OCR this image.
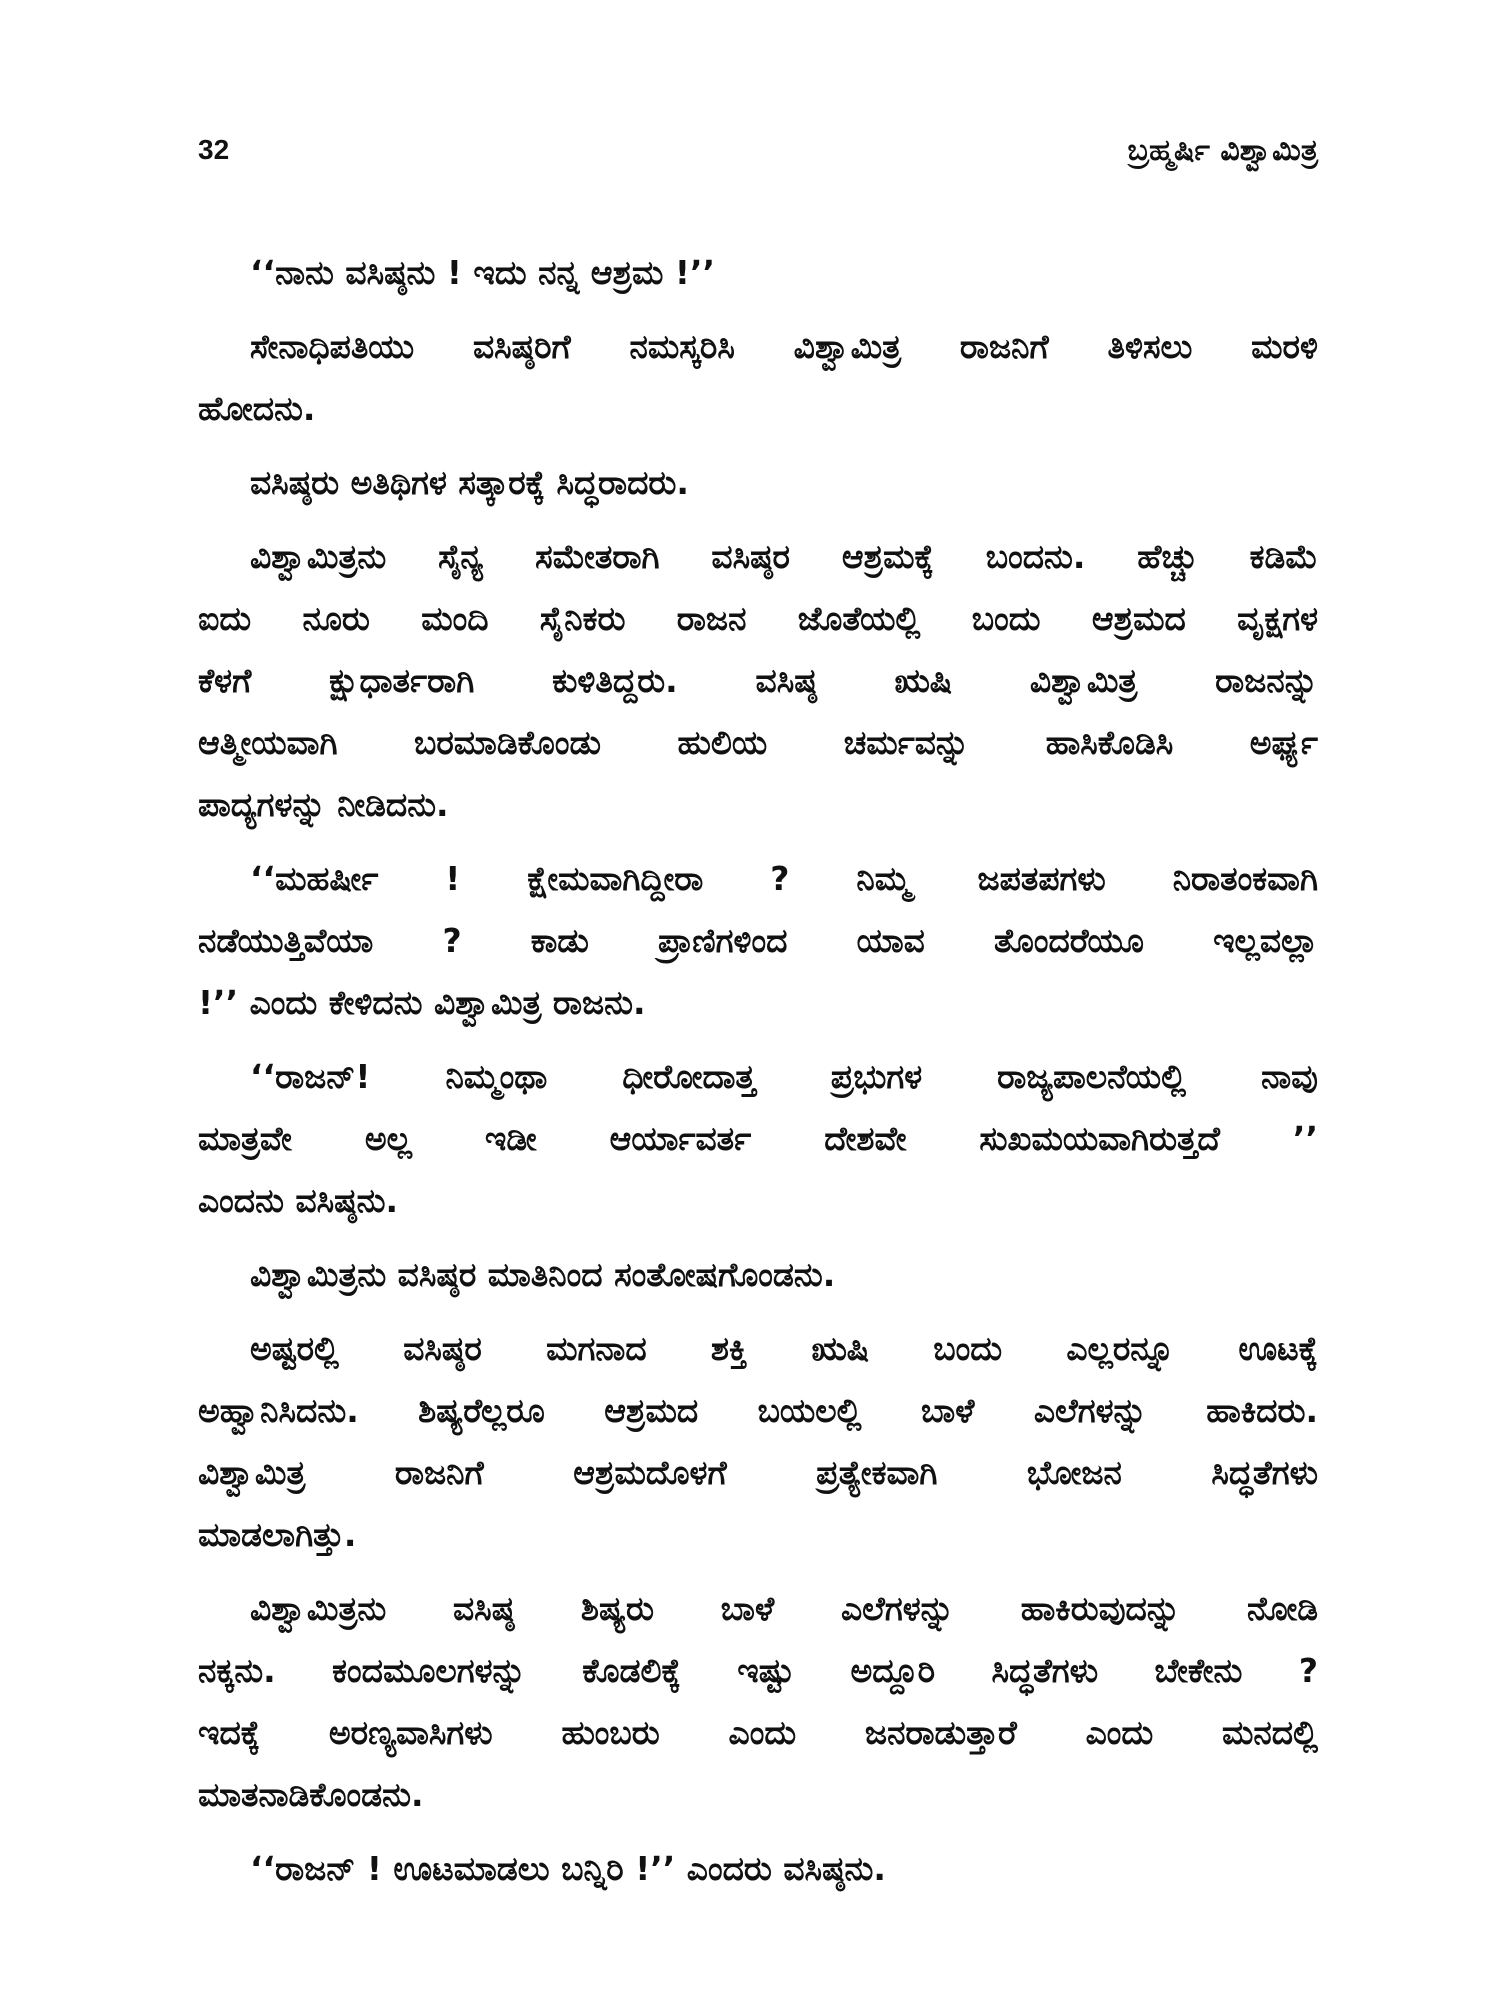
32	ಬ್ರಹ್ಮರ್ಷಿ ವಿಶ್ವಾಮಿತ್ರ
‘‘ನಾನು ವಸಿಷ್ಠನು ! ಇದು ನನ್ನ ಆಶ್ರಮ !’’
ಸೇನಾಧಿಪತಿಯು ವಸಿಷ್ಠರಿಗೆ ನಮಸ್ಕರಿಸಿ ವಿಶ್ವಾಮಿತ್ರ ರಾಜನಿಗೆ ತಿಳಿಸಲು ಮರಳಿ
ಹೋದನು.
ವಸಿಷ್ಠರು ಅತಿಥಿಗಳ ಸತ್ಕಾರಕ್ಕೆ ಸಿದ್ಧರಾದರು.
ವಿಶ್ವಾಮಿತ್ರನು ಸೈನ್ಯ ಸಮೇತರಾಗಿ ವಸಿಷ್ಠರ ಆಶ್ರಮಕ್ಕೆ ಬಂದನು. ಹೆಚ್ಚು ಕಡಿಮೆ
ಐದು ನೂರು ಮಂದಿ ಸೈನಿಕರು ರಾಜನ ಜೊತೆಯಲ್ಲಿ ಬಂದು ಆಶ್ರಮದ ವೃಕ್ಷಗಳ
ಕೆಳಗೆ ಕ್ಷುಧಾರ್ತರಾಗಿ ಕುಳಿತಿದ್ದರು. ವಸಿಷ್ಠ ಋಷಿ ವಿಶ್ವಾಮಿತ್ರ ರಾಜನನ್ನು
ಆತ್ಮೀಯವಾಗಿ ಬರಮಾಡಿಕೊಂಡು ಹುಲಿಯ ಚರ್ಮವನ್ನು ಹಾಸಿಕೊಡಿಸಿ ಅರ್ಘ್ಯ
ಪಾದ್ಯಗಳನ್ನು ನೀಡಿದನು.
‘‘ಮಹರ್ಷೀ ! ಕ್ಷೇಮವಾಗಿದ್ದೀರಾ ? ನಿಮ್ಮ ಜಪತಪಗಳು ನಿರಾತಂಕವಾಗಿ
ನಡೆಯುತ್ತಿವೆಯಾ ? ಕಾಡು ಪ್ರಾಣಿಗಳಿಂದ ಯಾವ ತೊಂದರೆಯೂ ಇಲ್ಲವಲ್ಲಾ
!’’ ಎಂದು ಕೇಳಿದನು ವಿಶ್ವಾಮಿತ್ರ ರಾಜನು.
‘‘ರಾಜನ್! ನಿಮ್ಮಂಥಾ ಧೀರೋದಾತ್ತ ಪ್ರಭುಗಳ ರಾಜ್ಯಪಾಲನೆಯಲ್ಲಿ ನಾವು
ಮಾತ್ರವೇ ಅಲ್ಲ ಇಡೀ ಆರ್ಯಾವರ್ತ ದೇಶವೇ ಸುಖಮಯವಾಗಿರುತ್ತದೆ ’’
ಎಂದನು ವಸಿಷ್ಠನು.
ವಿಶ್ವಾಮಿತ್ರನು ವಸಿಷ್ಠರ ಮಾತಿನಿಂದ ಸಂತೋಷಗೊಂಡನು.
ಅಷ್ಟರಲ್ಲಿ ವಸಿಷ್ಠರ ಮಗನಾದ ಶಕ್ತಿ ಋಷಿ ಬಂದು ಎಲ್ಲರನ್ನೂ ಊಟಕ್ಕೆ
ಅಹ್ವಾನಿಸಿದನು. ಶಿಷ್ಯರೆಲ್ಲರೂ ಆಶ್ರಮದ ಬಯಲಲ್ಲಿ ಬಾಳೆ ಎಲೆಗಳನ್ನು ಹಾಕಿದರು.
ವಿಶ್ವಾಮಿತ್ರ ರಾಜನಿಗೆ ಆಶ್ರಮದೊಳಗೆ ಪ್ರತ್ಯೇಕವಾಗಿ ಭೋಜನ ಸಿದ್ಧತೆಗಳು
ಮಾಡಲಾಗಿತ್ತು.
ವಿಶ್ವಾಮಿತ್ರನು ವಸಿಷ್ಠ ಶಿಷ್ಯರು ಬಾಳೆ ಎಲೆಗಳನ್ನು ಹಾಕಿರುವುದನ್ನು ನೋಡಿ
ನಕ್ಕನು. ಕಂದಮೂಲಗಳನ್ನು ಕೊಡಲಿಕ್ಕೆ ಇಷ್ಟು ಅದ್ದೂರಿ ಸಿದ್ಧತೆಗಳು ಬೇಕೇನು ?
ಇದಕ್ಕೆ ಅರಣ್ಯವಾಸಿಗಳು ಹುಂಬರು ಎಂದು ಜನರಾಡುತ್ತಾರೆ ಎಂದು ಮನದಲ್ಲಿ
ಮಾತನಾಡಿಕೊಂಡನು.
‘‘ರಾಜನ್ ! ಊಟಮಾಡಲು ಬನ್ನಿರಿ !’’ ಎಂದರು ವಸಿಷ್ಠನು.
